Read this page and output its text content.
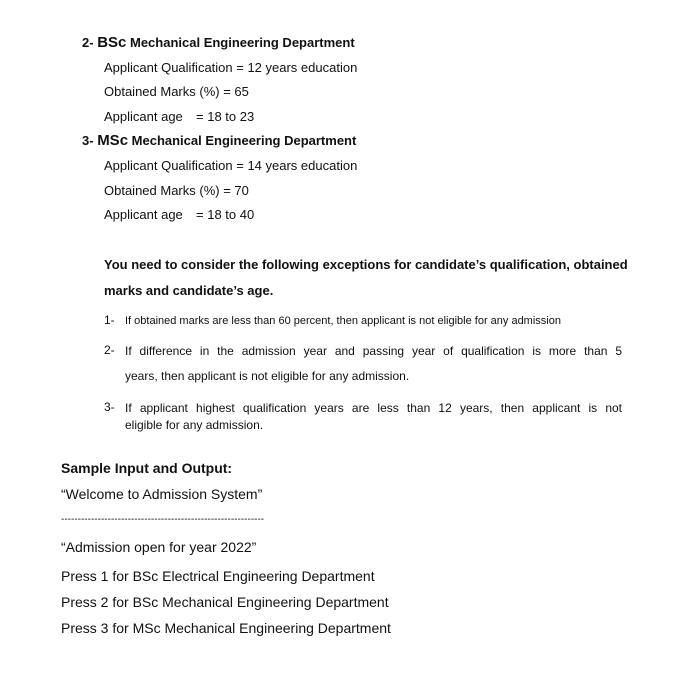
2- BSc Mechanical Engineering Department
Applicant Qualification = 12 years education
Obtained Marks (%) = 65
Applicant age = 18 to 23
3- MSc Mechanical Engineering Department
Applicant Qualification = 14 years education
Obtained Marks (%) = 70
Applicant age = 18 to 40
You need to consider the following exceptions for candidate’s qualification, obtained
marks and candidate’s age.
1- If obtained marks are less than 60 percent, then applicant is not eligible for any admission
2- If difference in the admission year and passing year of qualification is more than 5
years, then applicant is not eligible for any admission.
3- If applicant highest qualification years are less than 12 years, then applicant is not
eligible for any admission.
Sample Input and Output:
“Welcome to Admission System”
-------------------------------------------------------------
“Admission open for year 2022”
Press 1 for BSc Electrical Engineering Department
Press 2 for BSc Mechanical Engineering Department
Press 3 for MSc Mechanical Engineering Department
